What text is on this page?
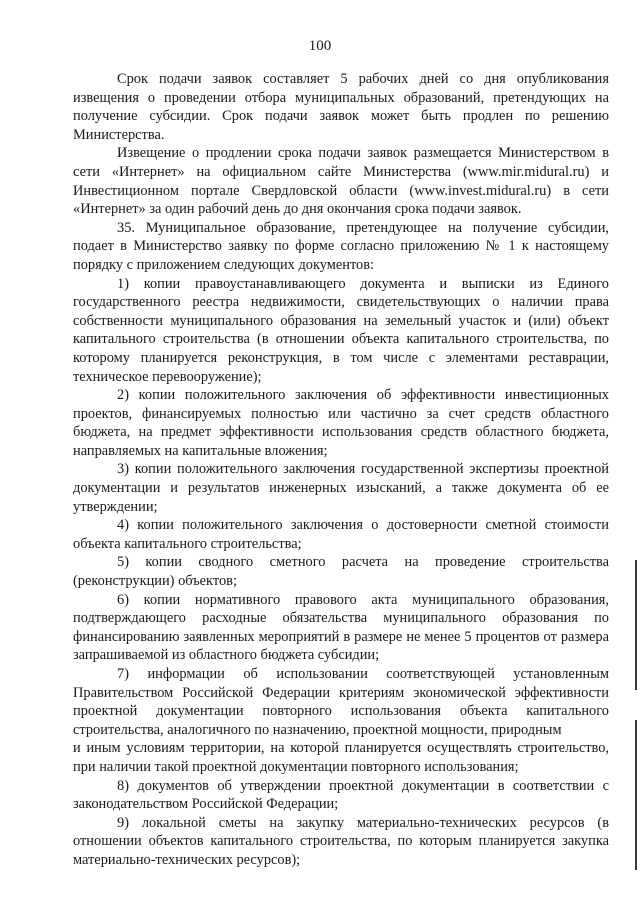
100

Срок подачи заявок составляет 5 рабочих дней со дня опубликования извещения о проведении отбора муниципальных образований, претендующих на получение субсидии. Срок подачи заявок может быть продлен по решению Министерства.

Извещение о продлении срока подачи заявок размещается Министерством в сети «Интернет» на официальном сайте Министерства (www.mir.midural.ru) и Инвестиционном портале Свердловской области (www.invest.midural.ru) в сети «Интернет» за один рабочий день до дня окончания срока подачи заявок.

35. Муниципальное образование, претендующее на получение субсидии, подает в Министерство заявку по форме согласно приложению № 1 к настоящему порядку с приложением следующих документов:

1) копии правоустанавливающего документа и выписки из Единого государственного реестра недвижимости, свидетельствующих о наличии права собственности муниципального образования на земельный участок и (или) объект капитального строительства (в отношении объекта капитального строительства, по которому планируется реконструкция, в том числе с элементами реставрации, техническое перевооружение);

2) копии положительного заключения об эффективности инвестиционных проектов, финансируемых полностью или частично за счет средств областного бюджета, на предмет эффективности использования средств областного бюджета, направляемых на капитальные вложения;

3) копии положительного заключения государственной экспертизы проектной документации и результатов инженерных изысканий, а также документа об ее утверждении;

4) копии положительного заключения о достоверности сметной стоимости объекта капитального строительства;

5) копии сводного сметного расчета на проведение строительства (реконструкции) объектов;

6) копии нормативного правового акта муниципального образования, подтверждающего расходные обязательства муниципального образования по финансированию заявленных мероприятий в размере не менее 5 процентов от размера запрашиваемой из областного бюджета субсидии;

7) информации об использовании соответствующей установленным Правительством Российской Федерации критериям экономической эффективности проектной документации повторного использования объекта капитального строительства, аналогичного по назначению, проектной мощности, природным

и иным условиям территории, на которой планируется осуществлять строительство, при наличии такой проектной документации повторного использования;

8) документов об утверждении проектной документации в соответствии с законодательством Российской Федерации;

9) локальной сметы на закупку материально-технических ресурсов (в отношении объектов капитального строительства, по которым планируется закупка материально-технических ресурсов);
